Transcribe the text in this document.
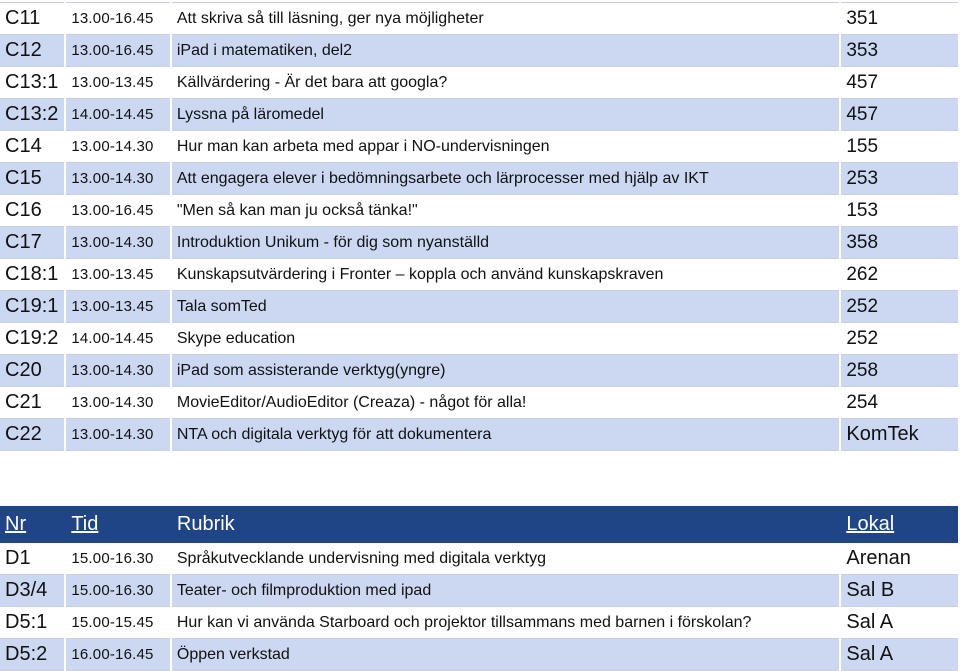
C11	13.00-16.45	Att skriva så till läsning, ger nya möjligheter	351
C12	13.00-16.45	iPad i matematiken, del2	353
C13:1	13.00-13.45	Källvärdering - Är det bara att googla?	457
C13:2	14.00-14.45	Lyssna på läromedel	457
C14	13.00-14.30	Hur man kan arbeta med appar i NO-undervisningen	155
C15	13.00-14.30	Att engagera elever i bedömningsarbete och lärprocesser med hjälp av IKT	253
C16	13.00-16.45	"Men så kan man ju också tänka!"	153
C17	13.00-14.30	Introduktion Unikum - för dig som nyanställd	358
C18:1	13.00-13.45	Kunskapsutvärdering i Fronter – koppla och använd kunskapskraven	262
C19:1	13.00-13.45	Tala somTed	252
C19:2	14.00-14.45	Skype education	252
C20	13.00-14.30	iPad som assisterande verktyg(yngre)	258
C21	13.00-14.30	MovieEditor/AudioEditor (Creaza) - något för alla!	254
C22	13.00-14.30	NTA och digitala verktyg för att dokumentera	KomTek
Nr	Tid	Rubrik	Lokal
D1	15.00-16.30	Språkutvecklande undervisning med digitala verktyg	Arenan
D3/4	15.00-16.30	Teater- och filmproduktion med ipad	Sal B
D5:1	15.00-15.45	Hur kan vi använda Starboard och projektor tillsammans med barnen i förskolan?	Sal A
D5:2	16.00-16.45	Öppen verkstad	Sal A
